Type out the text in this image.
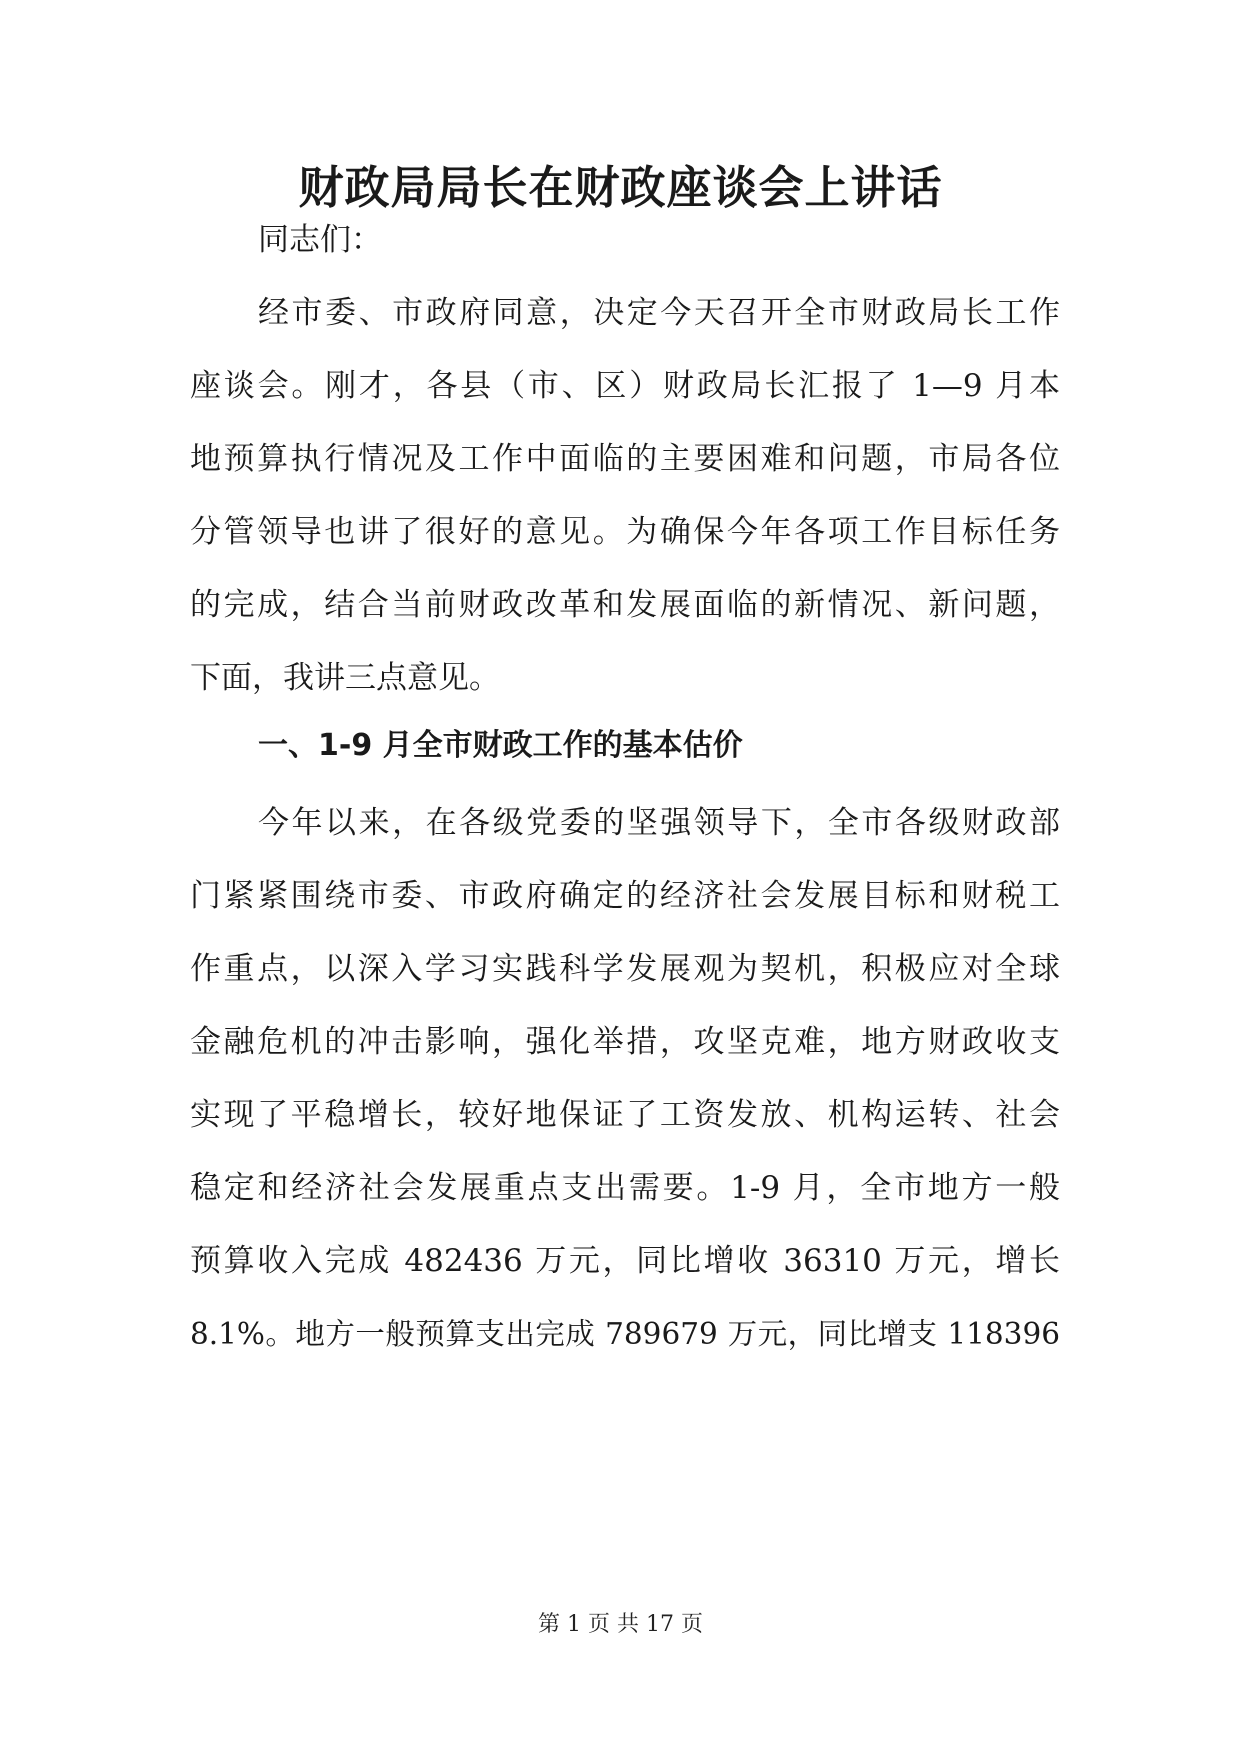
财政局局长在财政座谈会上讲话
同志们：
经市委、市政府同意，决定今天召开全市财政局长工作
座谈会。刚才，各县（市、区）财政局长汇报了 1—9 月本
地预算执行情况及工作中面临的主要困难和问题，市局各位
分管领导也讲了很好的意见。为确保今年各项工作目标任务
的完成，结合当前财政改革和发展面临的新情况、新问题，
下面，我讲三点意见。
一、1-9 月全市财政工作的基本估价
今年以来，在各级党委的坚强领导下，全市各级财政部
门紧紧围绕市委、市政府确定的经济社会发展目标和财税工
作重点，以深入学习实践科学发展观为契机，积极应对全球
金融危机的冲击影响，强化举措，攻坚克难，地方财政收支
实现了平稳增长，较好地保证了工资发放、机构运转、社会
稳定和经济社会发展重点支出需要。1-9 月，全市地方一般
预算收入完成 482436 万元，同比增收 36310 万元，增长
8.1%。地方一般预算支出完成 789679 万元，同比增支 118396
第 1 页 共 17 页
